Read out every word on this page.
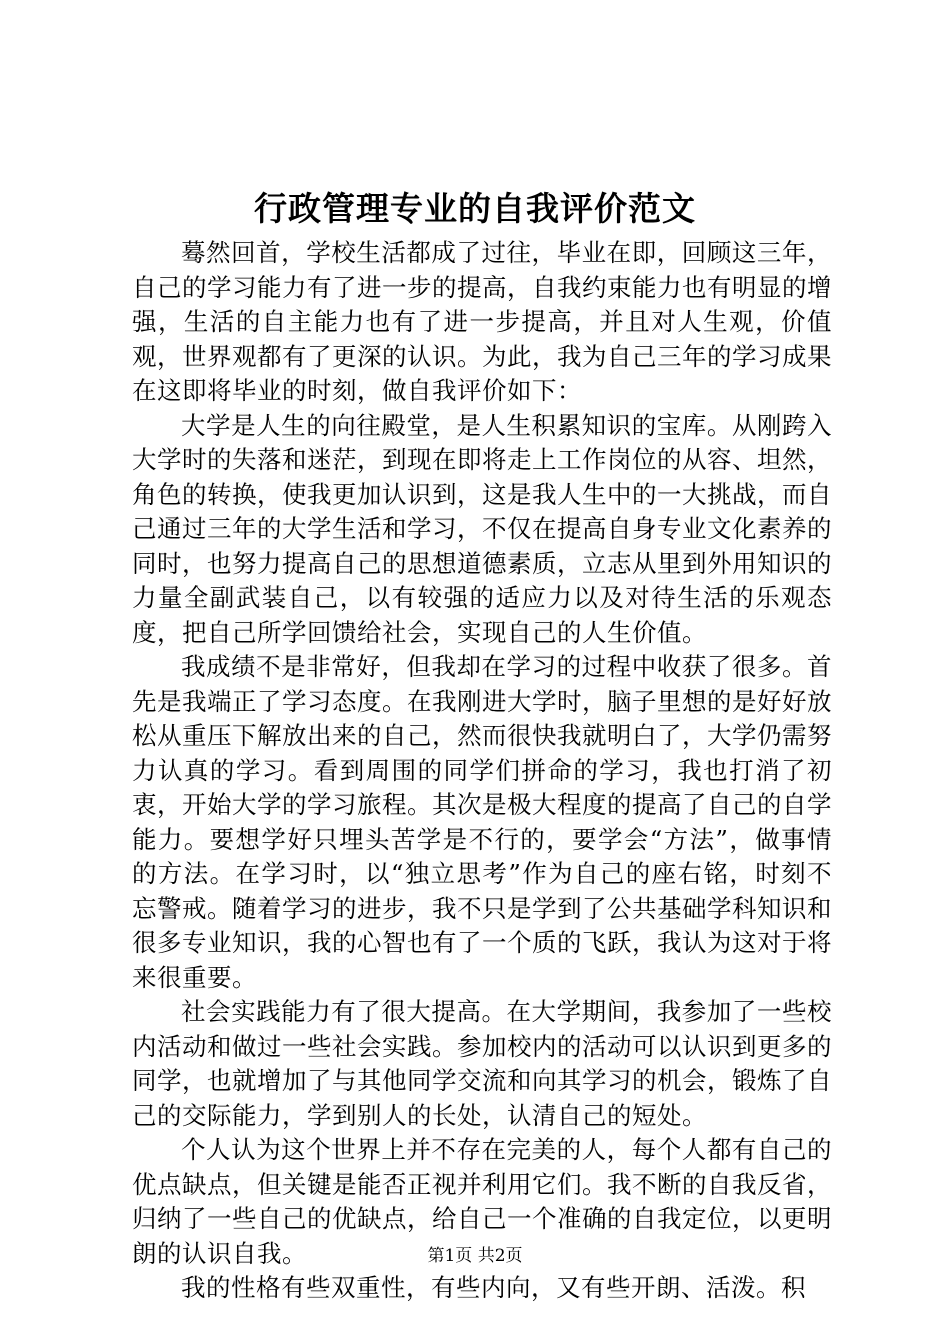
行政管理专业的自我评价范文

蓦然回首，学校生活都成了过往，毕业在即，回顾这三年，自己的学习能力有了进一步的提高，自我约束能力也有明显的增强，生活的自主能力也有了进一步提高，并且对人生观，价值观，世界观都有了更深的认识。为此，我为自己三年的学习成果在这即将毕业的时刻，做自我评价如下：

大学是人生的向往殿堂，是人生积累知识的宝库。从刚跨入大学时的失落和迷茫，到现在即将走上工作岗位的从容、坦然，角色的转换，使我更加认识到，这是我人生中的一大挑战，而自己通过三年的大学生活和学习，不仅在提高自身专业文化素养的同时，也努力提高自己的思想道德素质，立志从里到外用知识的力量全副武装自己，以有较强的适应力以及对待生活的乐观态度，把自己所学回馈给社会，实现自己的人生价值。

我成绩不是非常好，但我却在学习的过程中收获了很多。首先是我端正了学习态度。在我刚进大学时，脑子里想的是好好放松从重压下解放出来的自己，然而很快我就明白了，大学仍需努力认真的学习。看到周围的同学们拼命的学习，我也打消了初衷，开始大学的学习旅程。其次是极大程度的提高了自己的自学能力。要想学好只埋头苦学是不行的，要学会“方法”，做事情的方法。在学习时，以“独立思考”作为自己的座右铭，时刻不忘警戒。随着学习的进步，我不只是学到了公共基础学科知识和很多专业知识，我的心智也有了一个质的飞跃，我认为这对于将来很重要。

社会实践能力有了很大提高。在大学期间，我参加了一些校内活动和做过一些社会实践。参加校内的活动可以认识到更多的同学，也就增加了与其他同学交流和向其学习的机会，锻炼了自己的交际能力，学到别人的长处，认清自己的短处。

个人认为这个世界上并不存在完美的人，每个人都有自己的优点缺点，但关键是能否正视并利用它们。我不断的自我反省，归纳了一些自己的优缺点，给自己一个准确的自我定位，以更明朗的认识自我。

我的性格有些双重性，有些内向，又有些开朗、活泼。积

第1页 共2页
